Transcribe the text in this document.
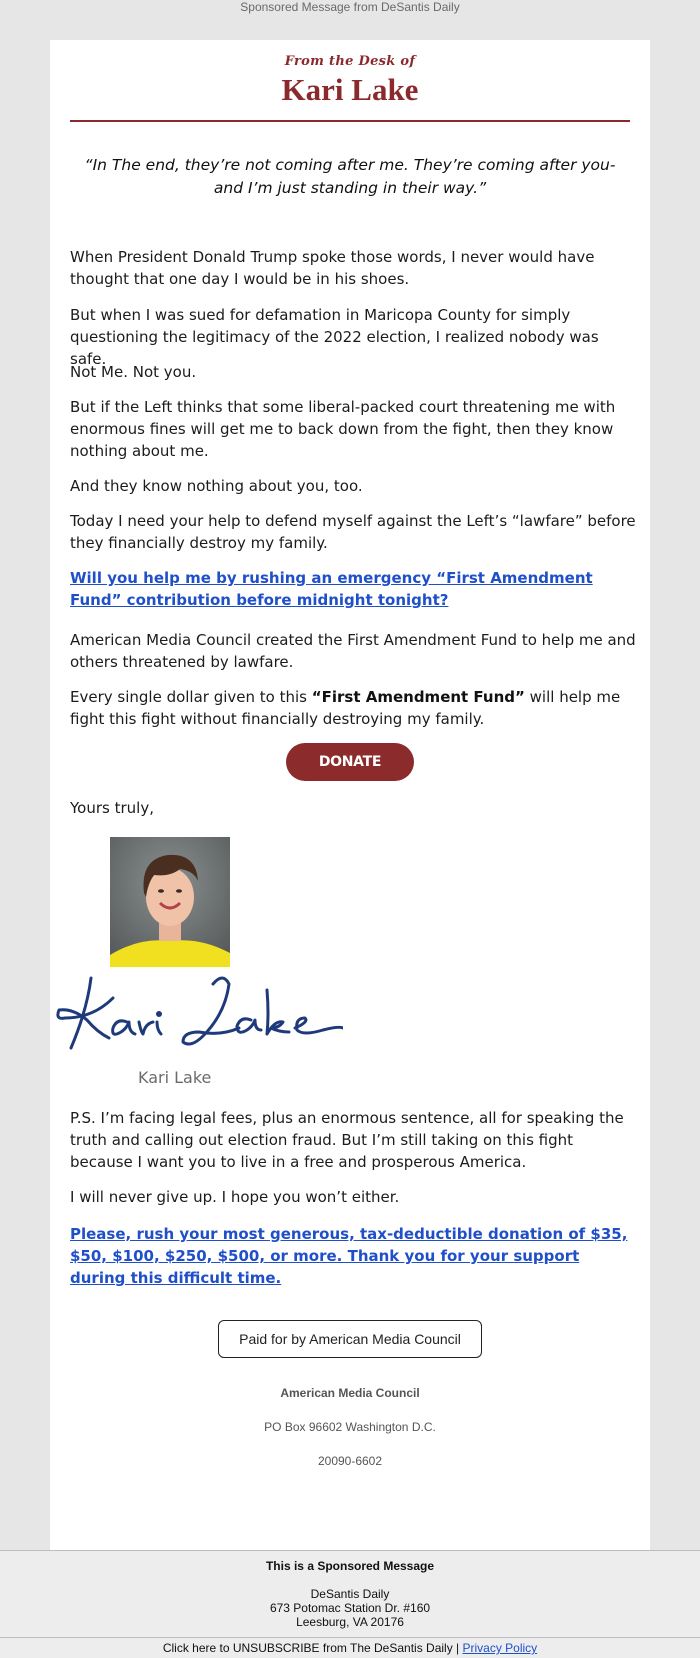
Sponsored Message from DeSantis Daily
From the Desk of
Kari Lake
“In The end, they’re not coming after me. They’re coming after you- and I’m just standing in their way.”

When President Donald Trump spoke those words, I never would have thought that one day I would be in his shoes.

But when I was sued for defamation in Maricopa County for simply questioning the legitimacy of the 2022 election, I realized nobody was safe.

Not Me. Not you.

But if the Left thinks that some liberal-packed court threatening me with enormous fines will get me to back down from the fight, then they know nothing about me.

And they know nothing about you, too.

Today I need your help to defend myself against the Left’s “lawfare” before they financially destroy my family.

Will you help me by rushing an emergency “First Amendment Fund” contribution before midnight tonight?

American Media Council created the First Amendment Fund to help me and others threatened by lawfare.

Every single dollar given to this “First Amendment Fund” will help me fight this fight without financially destroying my family.

DONATE

Yours truly,

Kari Lake

P.S. I’m facing legal fees, plus an enormous sentence, all for speaking the truth and calling out election fraud. But I’m still taking on this fight because I want you to live in a free and prosperous America.

I will never give up. I hope you won’t either.

Please, rush your most generous, tax-deductible donation of $35, $50, $100, $250, $500, or more. Thank you for your support during this difficult time.
Paid for by American Media Council
American Media Council
PO Box 96602 Washington D.C.
20090-6602
This is a Sponsored Message
DeSantis Daily
673 Potomac Station Dr. #160
Leesburg, VA 20176
Click here to UNSUBSCRIBE from The DeSantis Daily | Privacy Policy
